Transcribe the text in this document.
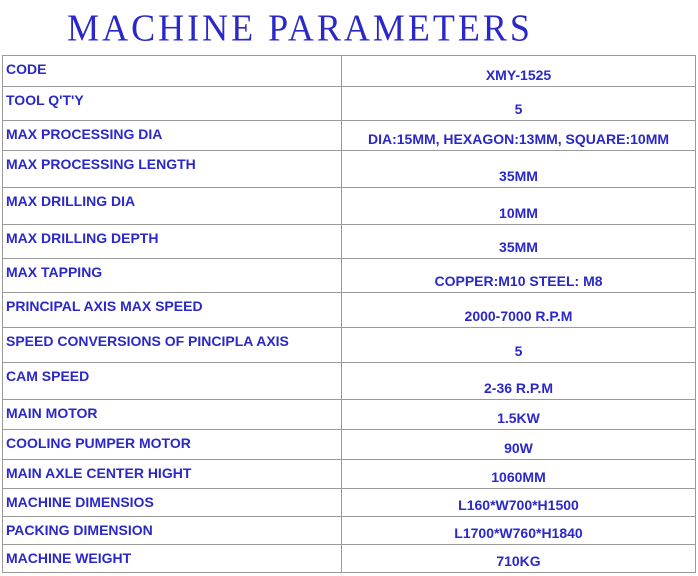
MACHINE PARAMETERS
CODE	XMY-1525
TOOL Q'T'Y	5
MAX PROCESSING DIA	DIA:15MM, HEXAGON:13MM, SQUARE:10MM
MAX PROCESSING LENGTH	35MM
MAX DRILLING DIA	10MM
MAX DRILLING DEPTH	35MM
MAX TAPPING	COPPER:M10 STEEL: M8
PRINCIPAL AXIS MAX SPEED	2000-7000 R.P.M
SPEED CONVERSIONS OF PINCIPLA AXIS	5
CAM SPEED	2-36 R.P.M
MAIN MOTOR	1.5KW
COOLING PUMPER MOTOR	90W
MAIN AXLE CENTER HIGHT	1060MM
MACHINE DIMENSIOS	L160*W700*H1500
PACKING DIMENSION	L1700*W760*H1840
MACHINE WEIGHT	710KG
